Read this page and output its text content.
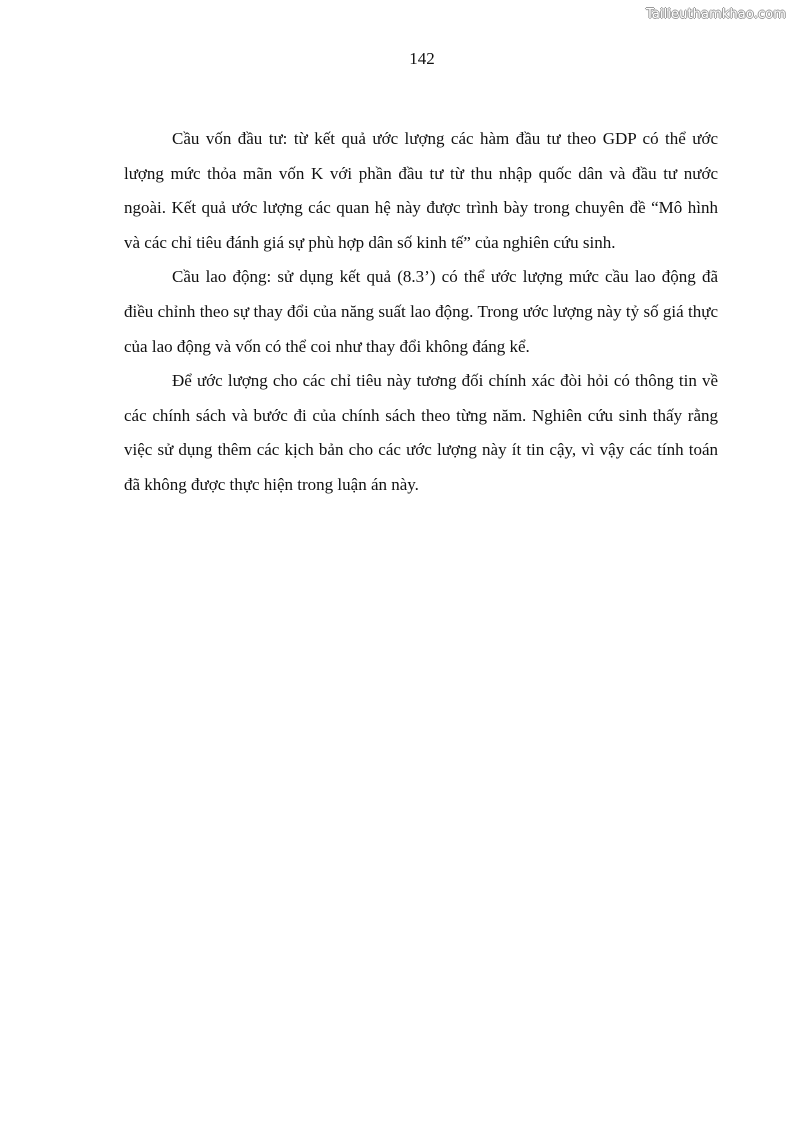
Tailieuthamkhao.com
142

Cầu vốn đầu tư: từ kết quả ước lượng các hàm đầu tư theo GDP có thể ước lượng mức thỏa mãn vốn K với phần đầu tư từ thu nhập quốc dân và đầu tư nước ngoài. Kết quả ước lượng các quan hệ này được trình bày trong chuyên đề “Mô hình và các chỉ tiêu đánh giá sự phù hợp dân số kinh tế” của nghiên cứu sinh.

Cầu lao động: sử dụng kết quả (8.3’) có thể ước lượng mức cầu lao động đã điều chỉnh theo sự thay đổi của năng suất lao động. Trong ước lượng này tỷ số giá thực của lao động và vốn có thể coi như thay đổi không đáng kể.

Để ước lượng cho các chỉ tiêu này tương đối chính xác đòi hỏi có thông tin về các chính sách và bước đi của chính sách theo từng năm. Nghiên cứu sinh thấy rằng việc sử dụng thêm các kịch bản cho các ước lượng này ít tin cậy, vì vậy các tính toán đã không được thực hiện trong luận án này.
